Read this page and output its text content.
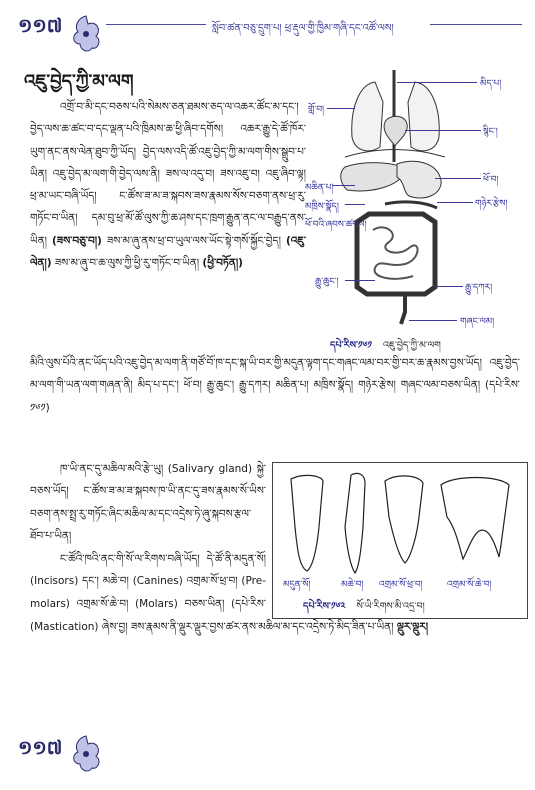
១១៧	སློབ་ཚན་བཅུ་དྲུག་པ། ཕྲ་རྡུལ་གྱི་ཁྱིམ་གཞི་དང་འཚོ་ལས།
འཇུ་བྱེད་ཀྱི་མ་ལག	མིད་པ།
གློ་བ།
སྙིང་།
མཆིན་པ།
ཕོ་བ།
མཁྲིས་སྣོད།	གཉེར་རྩེས།
ཕོ་བའི་ཞབས་ཚགས།
རྒྱུ་ཆུང་།
རྒྱུ་དཀར།
གཞང་ལམ།
དཔེ་རིས་༡༦༡ འཇུ་བྱེད་ཀྱི་མ་ལག
འགྲོ་བ་མི་དང་བཅས་པའི་སེམས་ཅན་ཐམས་ཅད་ལ་འཆར་ཚོང་མ་དང་། བྱེད་ལས་ཆ་ཚང་བ་དང་ལྡན་པའི་ཁྲིམས་ཆ་ཕྱི་ཞིབ་དགོས། འཆར་རྒྱུ་དེ་ཚོ་ཁོར་ཡུག་ནང་ནས་ལེན་ཐུབ་ཀྱི་ཡོད། བྱེད་ལས་འདི་ཚོ་འཇུ་བྱེད་ཀྱི་མ་ལག་གིས་སྒྲུབ་པ་ཡིན། འཇུ་བྱེད་མ་ལག་གི་བྱེད་ལས་ནི། ཟས་ལ་འདུ་བ། ཟས་འཇུ་བ། འཇུ་ཞིབ་ལྟ། ཕྲ་མ་ཡང་བཞི་ཡོད། ང་ཚོས་ཟ་མ་ཟ་སྐབས་ཟས་རྣམས་སོས་བཅག་ནས་ཕྲ་རུ་གཏོང་བ་ཡིན། དམ་བུ་ཕྲ་མོ་ཚོ་ལུས་ཀྱི་ཆ་ཤས་དང་ཁྲག་རྒྱུན་ནང་ལ་བརྒྱུད་ནས་ཡིན། (ཟས་བཅུ་བ།) ཟས་མ་ཞུ་ནས་ཕྲ་བ་ཡུལ་ལས་ཡོང་སྟེ་གསོ་སྐྱོང་བྱེད། (འཇུ་ལེན།) ཟས་མ་ཞུ་བ་ཆ་ལུས་ཀྱི་ཕྱི་རུ་གཏོང་བ་ཡིན། (ཕྱི་བཏོན།)
མིའི་ལུས་པོའི་ནང་ཡོད་པའི་འཇུ་བྱེད་མ་ལག་ནི་གཙོ་བོ་ཁ་དང་སྐ་ཡི་བར་གྱི་མདུན་ལྟག་དང་གཞང་ལམ་བར་གྱི་བར་ཆ་རྣམས་བྱས་ཡོད། འཇུ་བྱེད་མ་ལག་གི་ཡན་ལག་གཞན་ནི། མིད་པ་དང་། ཕོ་བ། རྒྱུ་ཆུང་། རྒྱུ་དཀར། མཆིན་པ། མཁྲིས་སྣོད། གཉེར་རྩེས། གཞང་ལམ་བཅས་ཡིན། (དཔེ་རིས་༡༦༡)
མདུན་སོ།	མཆེ་བ། འགྲམ་སོ་ཕྲ་བ།	འགྲམ་སོ་ཆེ་བ།
དཔེ་རིས་༡༦༢ སོ་ཡི་རིགས་མི་འདྲ་བ།
ཁ་ཡི་ནང་དུ་མཆིལ་མའི་རྩེ་ཡུ། (Salivary gland) སྐྱེ་བཅས་ཡོད། ང་ཚོས་ཟ་མ་ཟ་སྐབས་ཁ་ཡི་ནང་དུ་ཟས་རྣམས་སོ་ཡིས་བཅག་ནས་སྤྲ་རུ་གཏོང་ཞིང་མཆིལ་མ་དང་འདྲེས་ཏེ་ཞུ་སྐབས་རྩལ་ཐོབ་པ་ཡིན།
ང་ཚོའི་ཁའི་ནང་གི་སོ་ལ་རིགས་བཞི་ཡོད། དེ་ཚོ་ནི་མདུན་སོ། (Incisors) དང་། མཆེ་བ། (Canines) འགྲམ་སོ་ཕྲ་བ། (Pre-molars) འགྲམ་སོ་ཆེ་བ། (Molars) བཅས་ཡིན། (དཔེ་རིས་
(Mastication) ཞེས་བྱ། ཟས་རྣམས་ནི་ལྡུར་ལྡུར་བྱས་ཚར་ནས་མཆིལ་མ་དང་འདྲེས་ཏེ་མིད་ཟིན་པ་ཡིན། ལྡུར་ལྡུར།
១១៧
